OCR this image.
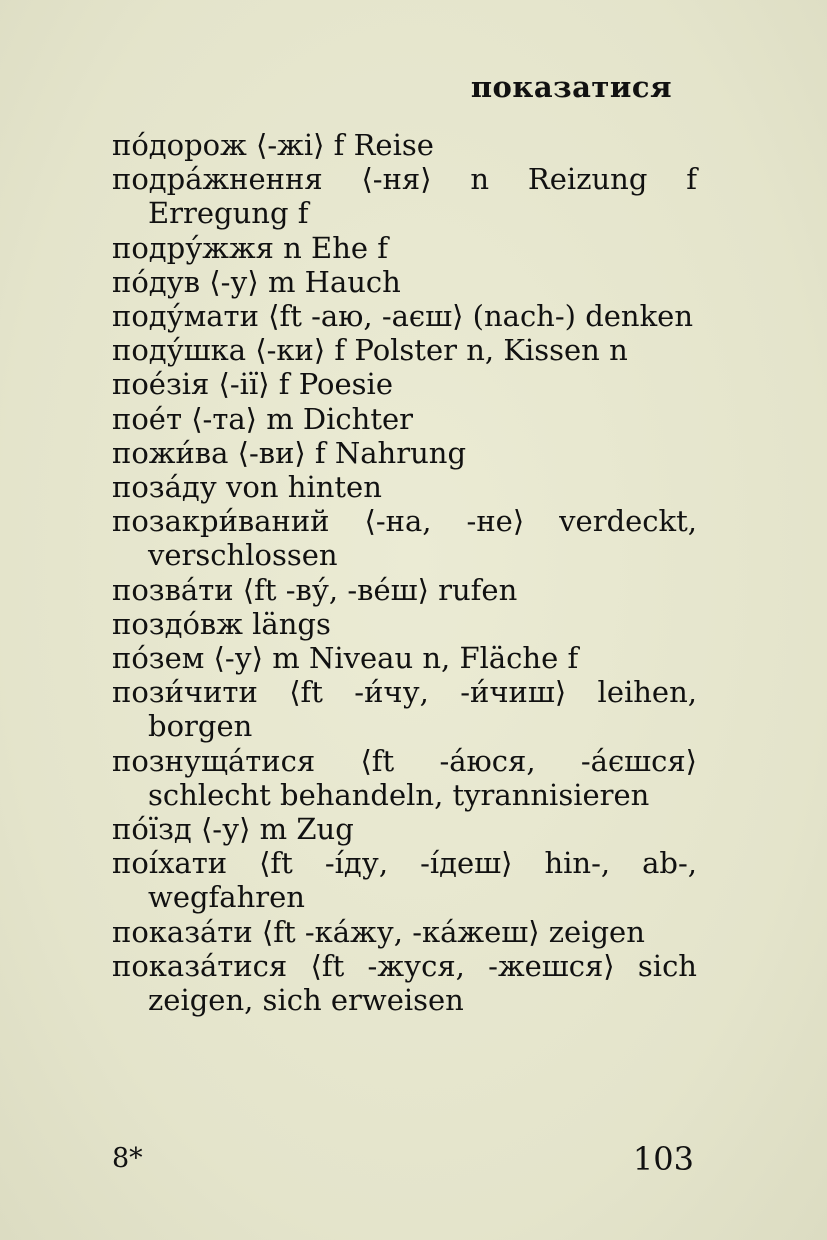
показатися

по́дорож ⟨-жі⟩ f Reise

подра́жнення ⟨-ня⟩ n Reizung f Erregung f

подру́жжя n Ehe f

по́дув ⟨-у⟩ m Hauch

поду́мати ⟨ft -аю, -аєш⟩ (nach-) denken

поду́шка ⟨-ки⟩ f Polster n, Kissen n

пое́зія ⟨-ії⟩ f Poesie

пое́т ⟨-та⟩ m Dichter

пожи́ва ⟨-ви⟩ f Nahrung

поза́ду von hinten

позакри́ваний ⟨-на, -не⟩ verdeckt, verschlossen

позва́ти ⟨ft -ву́, -ве́ш⟩ rufen

поздо́вж längs

по́зем ⟨-у⟩ m Niveau n, Fläche f

пози́чити ⟨ft -и́чу, -и́чиш⟩ leihen, borgen

познуща́тися ⟨ft -а́юся, -а́єшся⟩ schlecht behandeln, tyrannisieren

по́їзд ⟨-у⟩ m Zug

поі́хати ⟨ft -і́ду, -і́деш⟩ hin-, ab-, wegfahren

показа́ти ⟨ft -ка́жу, -ка́жеш⟩ zeigen

показа́тися ⟨ft -жуся, -жешся⟩ sich zeigen, sich erweisen

8*	103
